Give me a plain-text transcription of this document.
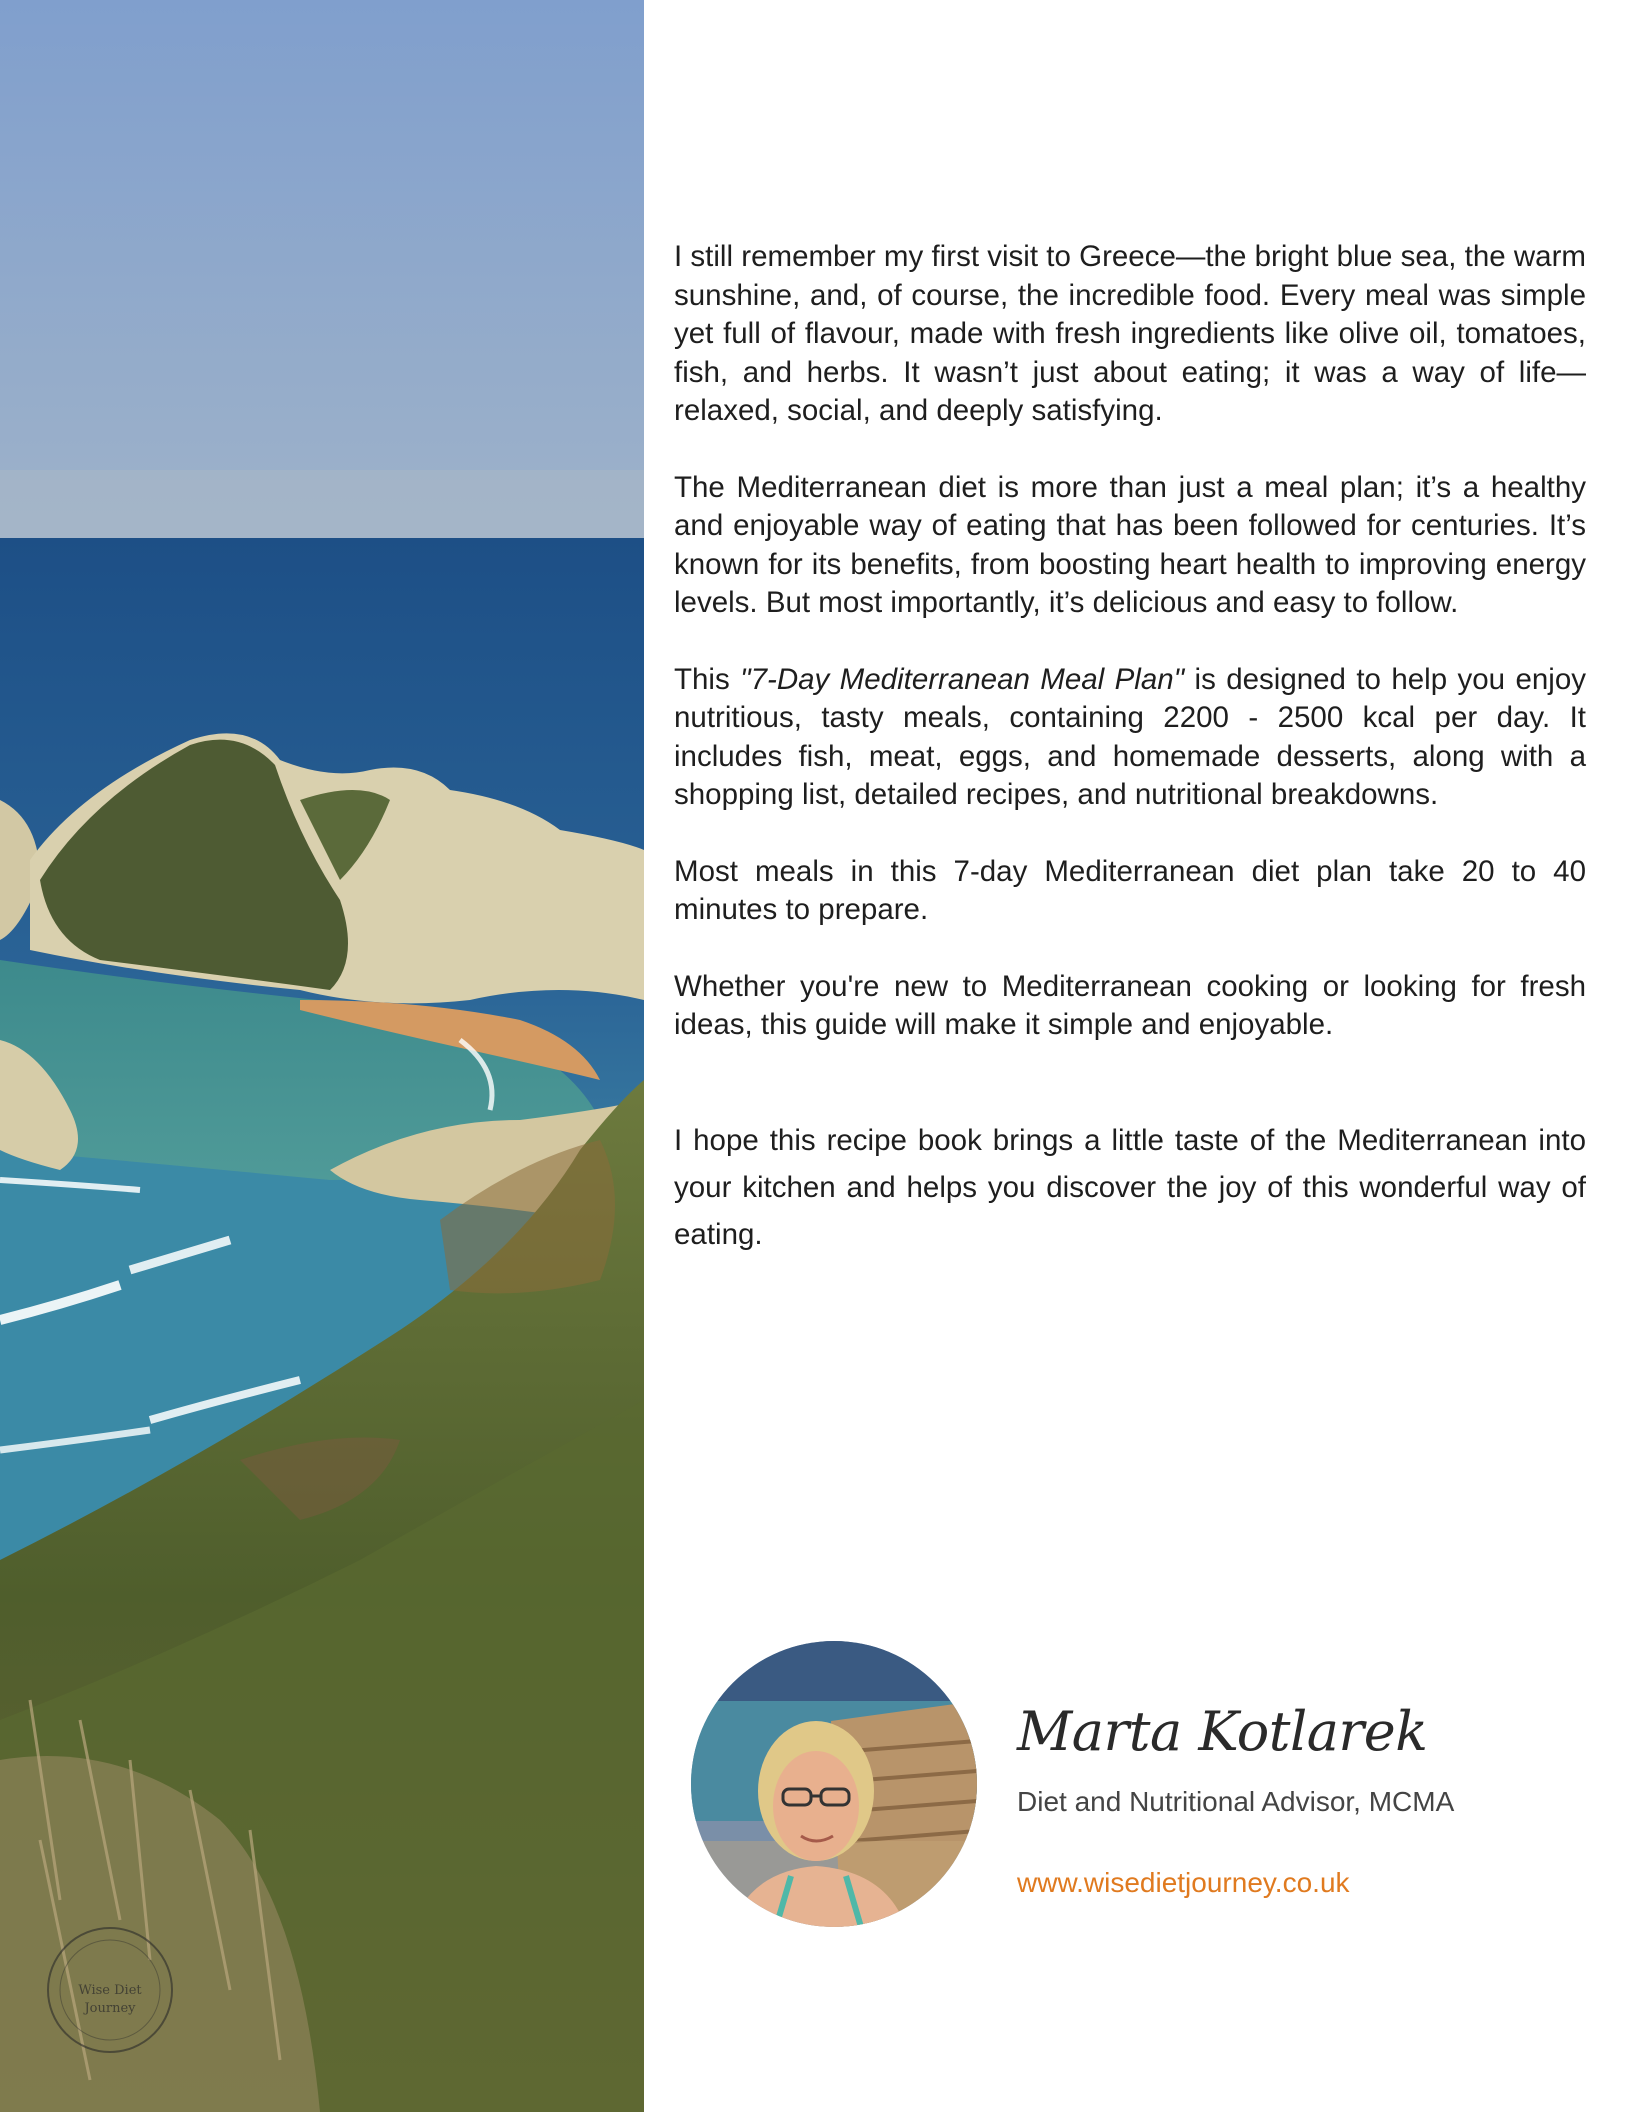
Wise Diet
Journey

I still remember my first visit to Greece—the bright blue sea, the warm sunshine, and, of course, the incredible food. Every meal was simple yet full of flavour, made with fresh ingredients like olive oil, tomatoes, fish, and herbs. It wasn’t just about eating; it was a way of life—relaxed, social, and deeply satisfying.

The Mediterranean diet is more than just a meal plan; it’s a healthy and enjoyable way of eating that has been followed for centuries. It’s known for its benefits, from boosting heart health to improving energy levels. But most importantly, it’s delicious and easy to follow.

This "7-Day Mediterranean Meal Plan" is designed to help you enjoy nutritious, tasty meals, containing 2200 - 2500 kcal per day. It includes fish, meat, eggs, and homemade desserts, along with a shopping list, detailed recipes, and nutritional breakdowns.

Most meals in this 7-day Mediterranean diet plan take 20 to 40 minutes to prepare.

Whether you're new to Mediterranean cooking or looking for fresh ideas, this guide will make it simple and enjoyable.

I hope this recipe book brings a little taste of the Mediterranean into your kitchen and helps you discover the joy of this wonderful way of eating.

Marta Kotlarek
Diet and Nutritional Advisor, MCMA
www.wisedietjourney.co.uk
